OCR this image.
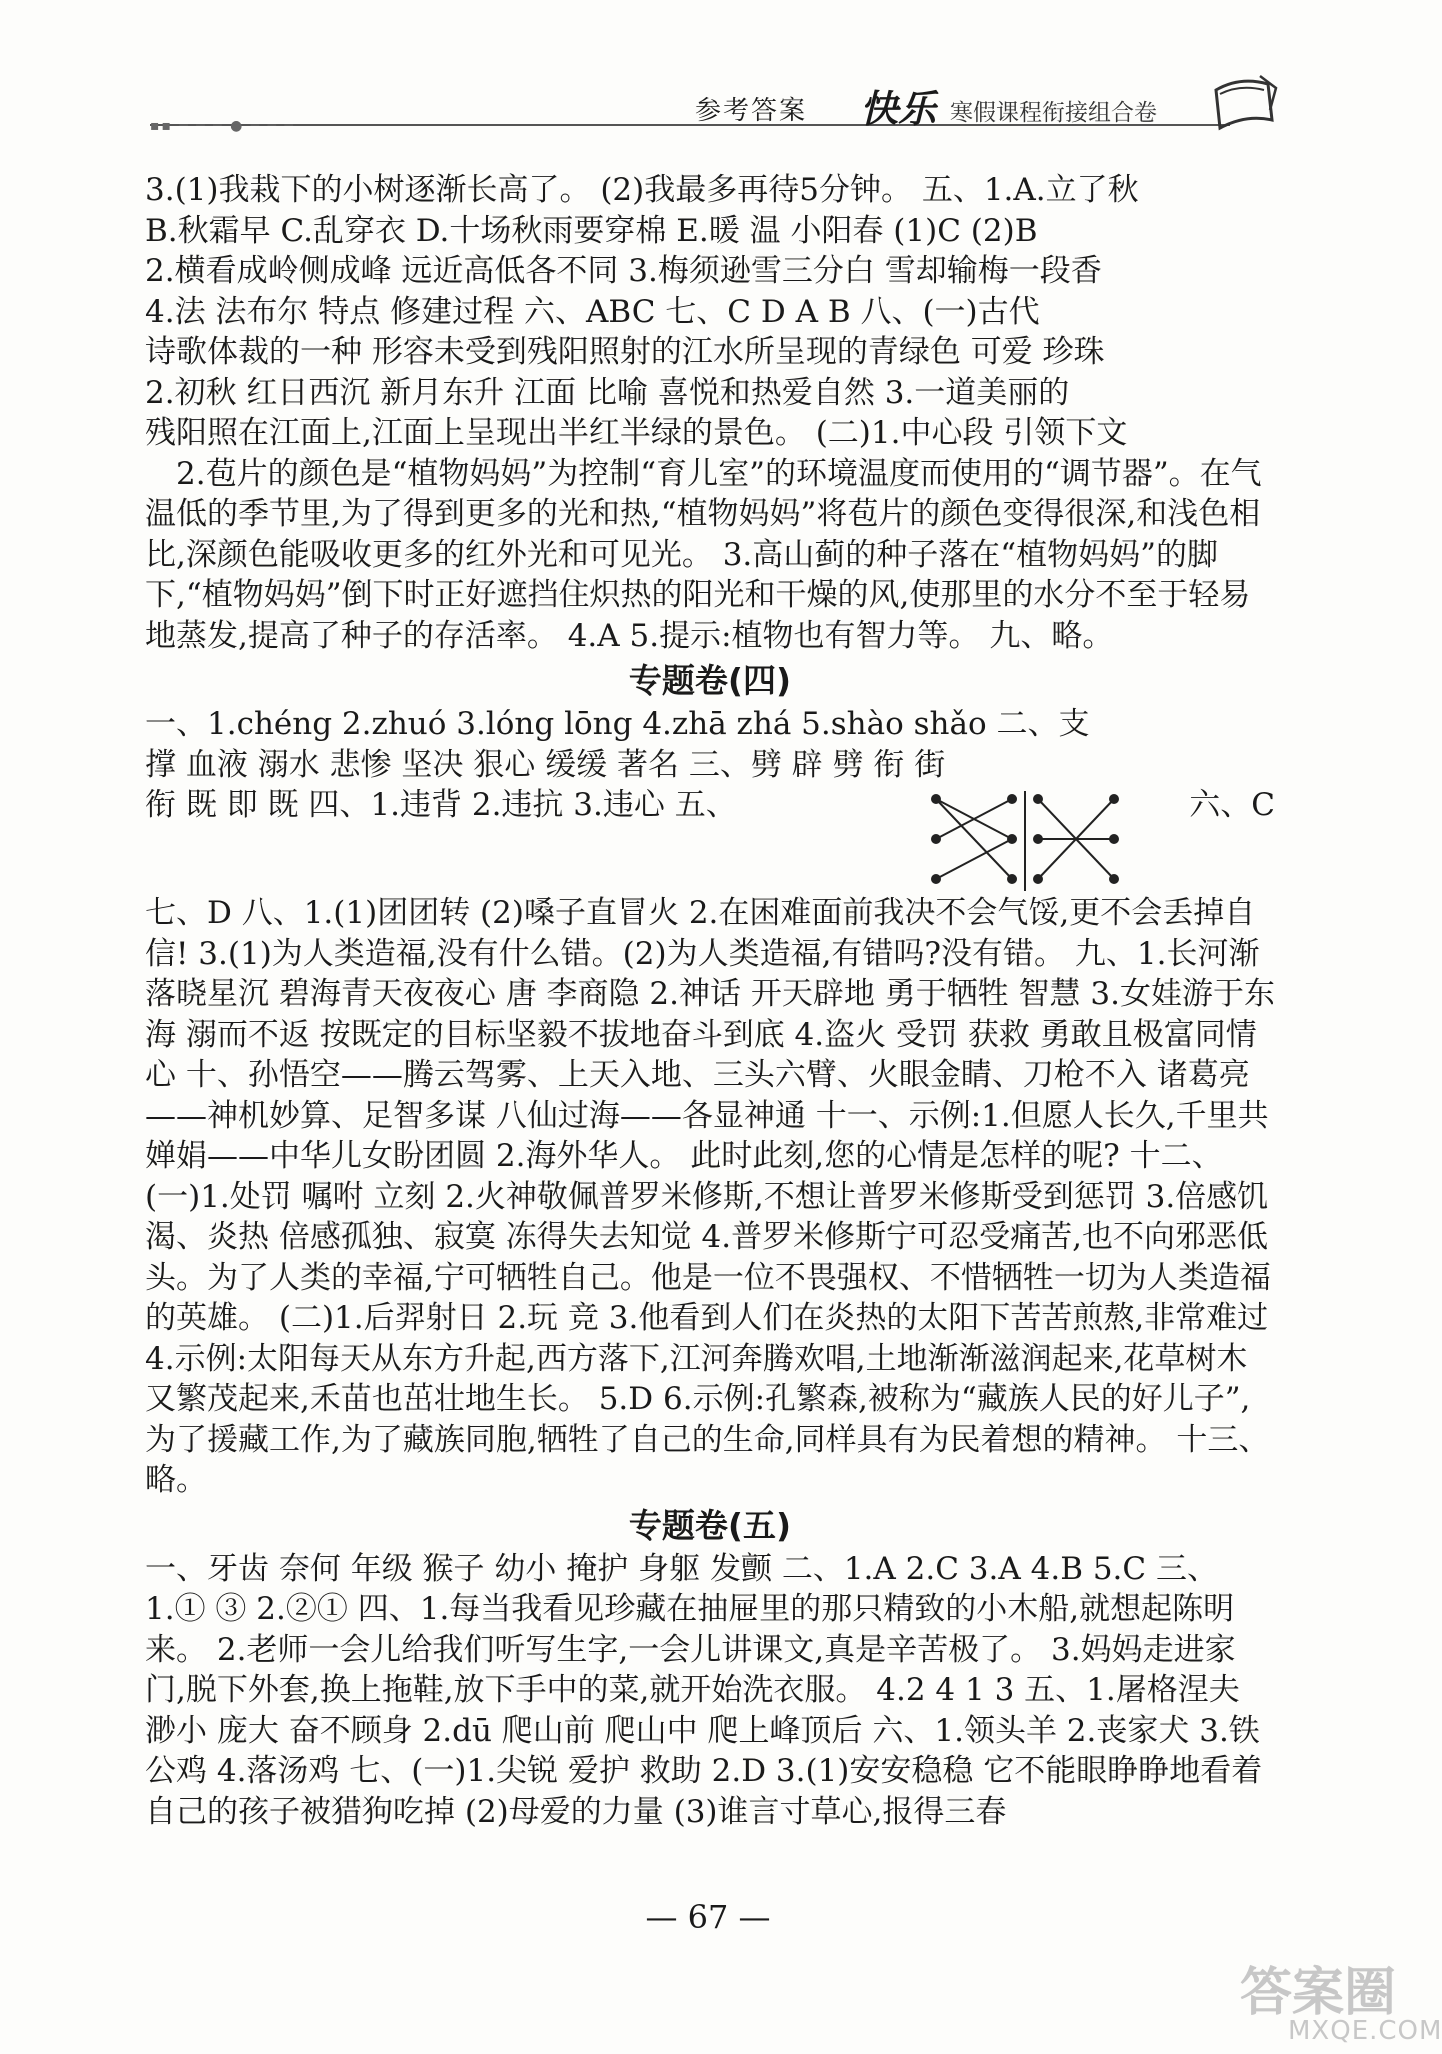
▪▪ ─ ─ ─ ● ─ ─ ─	参考答案 快乐 寒假课程衔接组合卷

3.(1)我栽下的小树逐渐长高了。 (2)我最多再待5分钟。 五、1.A.立了秋

B.秋霜早 C.乱穿衣 D.十场秋雨要穿棉 E.暖 温 小阳春 (1)C (2)B

2.横看成岭侧成峰 远近高低各不同 3.梅须逊雪三分白 雪却输梅一段香

4.法 法布尔 特点 修建过程 六、ABC 七、C D A B 八、(一)古代

诗歌体裁的一种 形容未受到残阳照射的江水所呈现的青绿色 可爱 珍珠

2.初秋 红日西沉 新月东升 江面 比喻 喜悦和热爱自然 3.一道美丽的

残阳照在江面上,江面上呈现出半红半绿的景色。 (二)1.中心段 引领下文

2.苞片的颜色是“植物妈妈”为控制“育儿室”的环境温度而使用的“调节器”。在气温低的季节里,为了得到更多的光和热,“植物妈妈”将苞片的颜色变得很深,和浅色相比,深颜色能吸收更多的红外光和可见光。 3.高山蓟的种子落在“植物妈妈”的脚下,“植物妈妈”倒下时正好遮挡住炽热的阳光和干燥的风,使那里的水分不至于轻易地蒸发,提高了种子的存活率。 4.A 5.提示:植物也有智力等。 九、略。

专题卷(四)

一、1.chéng 2.zhuó 3.lóng lōng 4.zhā zhá 5.shào shǎo 二、支

撑 血液 溺水 悲惨 坚决 狠心 缓缓 著名 三、劈 辟 劈 衔 街

衔 既 即 既 四、1.违背 2.违抗 3.违心 五、	六、C

七、D 八、1.(1)团团转 (2)嗓子直冒火 2.在困难面前我决不会气馁,更不会丢掉自信! 3.(1)为人类造福,没有什么错。(2)为人类造福,有错吗?没有错。 九、1.长河渐落晓星沉 碧海青天夜夜心 唐 李商隐 2.神话 开天辟地 勇于牺牲 智慧 3.女娃游于东海 溺而不返 按既定的目标坚毅不拔地奋斗到底 4.盗火 受罚 获救 勇敢且极富同情心 十、孙悟空——腾云驾雾、上天入地、三头六臂、火眼金睛、刀枪不入 诸葛亮——神机妙算、足智多谋 八仙过海——各显神通 十一、示例:1.但愿人长久,千里共婵娟——中华儿女盼团圆 2.海外华人。 此时此刻,您的心情是怎样的呢? 十二、(一)1.处罚 嘱咐 立刻 2.火神敬佩普罗米修斯,不想让普罗米修斯受到惩罚 3.倍感饥渴、炎热 倍感孤独、寂寞 冻得失去知觉 4.普罗米修斯宁可忍受痛苦,也不向邪恶低头。为了人类的幸福,宁可牺牲自己。他是一位不畏强权、不惜牺牲一切为人类造福的英雄。 (二)1.后羿射日 2.玩 竞 3.他看到人们在炎热的太阳下苦苦煎熬,非常难过 4.示例:太阳每天从东方升起,西方落下,江河奔腾欢唱,土地渐渐滋润起来,花草树木又繁茂起来,禾苗也茁壮地生长。 5.D 6.示例:孔繁森,被称为“藏族人民的好儿子”,为了援藏工作,为了藏族同胞,牺牲了自己的生命,同样具有为民着想的精神。 十三、略。

专题卷(五)

一、牙齿 奈何 年级 猴子 幼小 掩护 身躯 发颤 二、1.A 2.C 3.A 4.B 5.C 三、1.① ③ 2.②① 四、1.每当我看见珍藏在抽屉里的那只精致的小木船,就想起陈明来。 2.老师一会儿给我们听写生字,一会儿讲课文,真是辛苦极了。 3.妈妈走进家门,脱下外套,换上拖鞋,放下手中的菜,就开始洗衣服。 4.2 4 1 3 五、1.屠格涅夫 渺小 庞大 奋不顾身 2.dū 爬山前 爬山中 爬上峰顶后 六、1.领头羊 2.丧家犬 3.铁公鸡 4.落汤鸡 七、(一)1.尖锐 爱护 救助 2.D 3.(1)安安稳稳 它不能眼睁睁地看着自己的孩子被猎狗吃掉 (2)母爱的力量 (3)谁言寸草心,报得三春

— 67 —
答案圈
MXQE.COM
